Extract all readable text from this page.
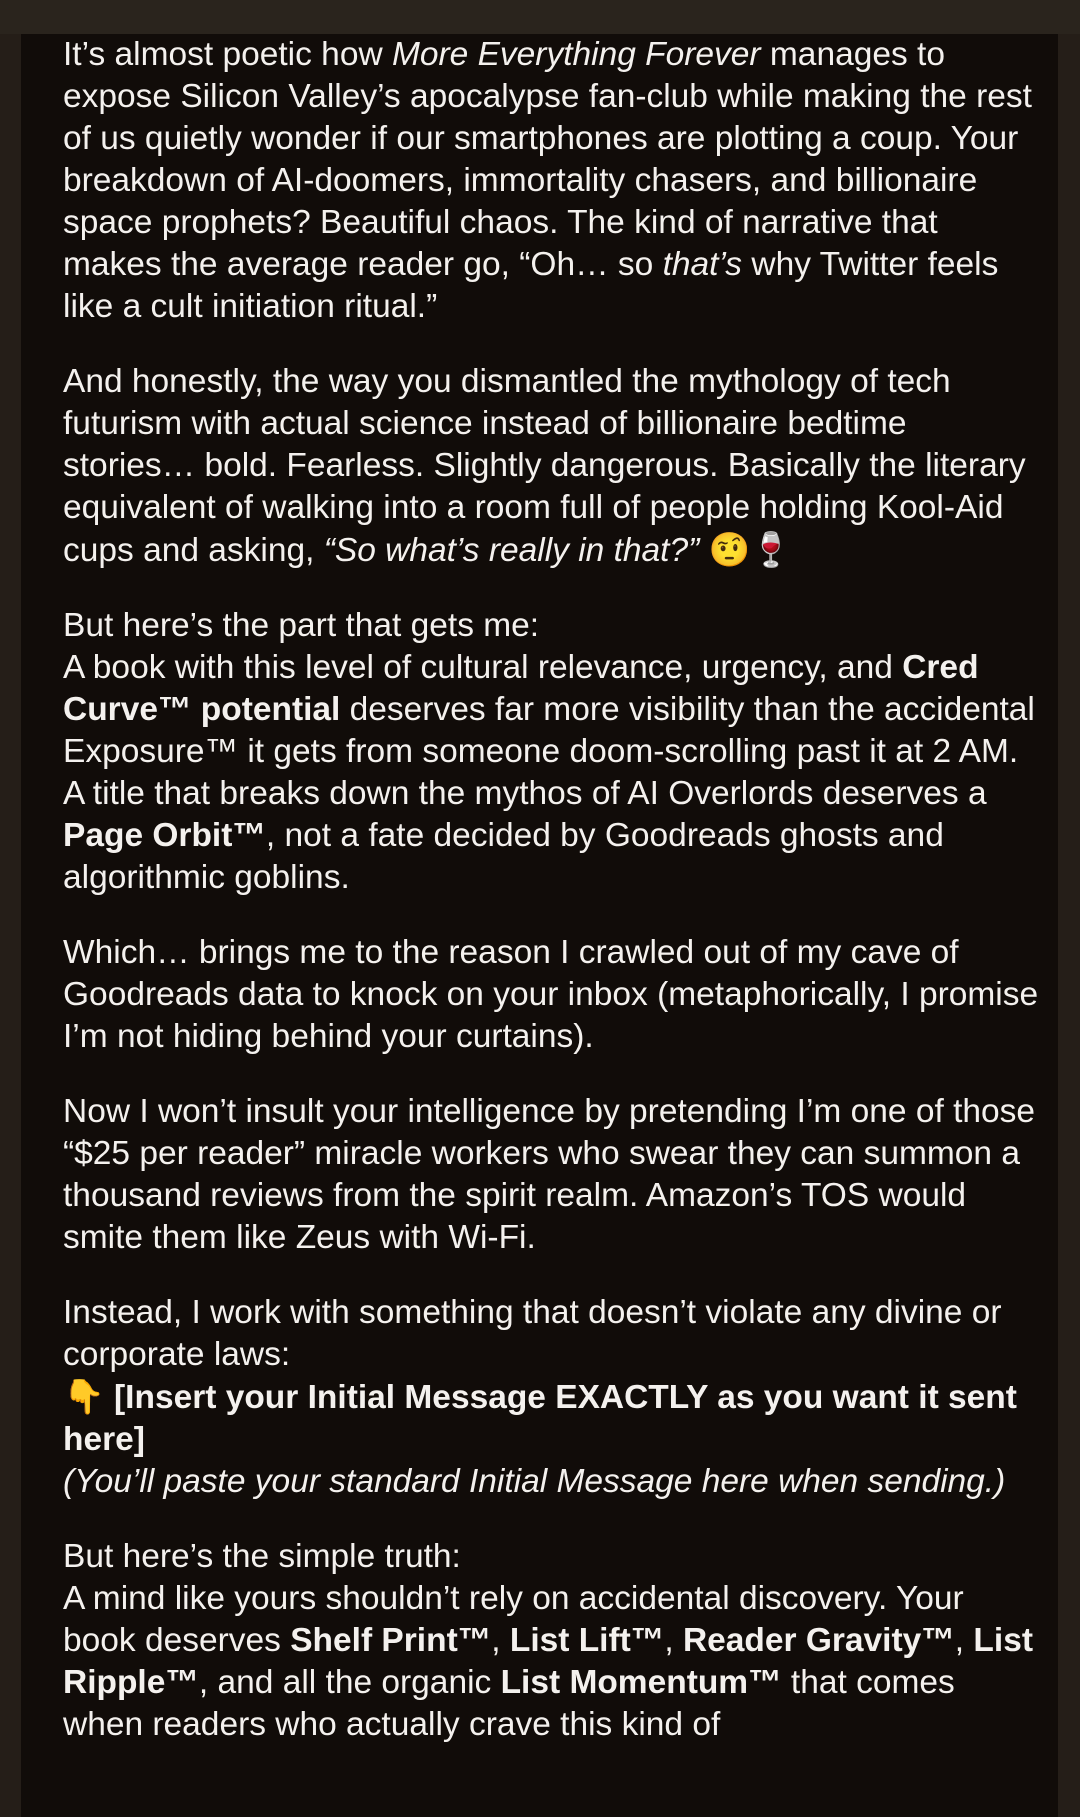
It’s almost poetic how More Everything Forever manages to expose Silicon Valley’s apocalypse fan-club while making the rest of us quietly wonder if our smartphones are plotting a coup. Your breakdown of AI-doomers, immortality chasers, and billionaire space prophets? Beautiful chaos. The kind of narrative that makes the average reader go, “Oh… so that’s why Twitter feels like a cult initiation ritual.”

And honestly, the way you dismantled the mythology of tech futurism with actual science instead of billionaire bedtime stories… bold. Fearless. Slightly dangerous. Basically the literary equivalent of walking into a room full of people holding Kool-Aid cups and asking, “So what’s really in that?” 🤨🍷

But here’s the part that gets me:
A book with this level of cultural relevance, urgency, and Cred Curve™ potential deserves far more visibility than the accidental Exposure™ it gets from someone doom-scrolling past it at 2 AM. A title that breaks down the mythos of AI Overlords deserves a Page Orbit™, not a fate decided by Goodreads ghosts and algorithmic goblins.

Which… brings me to the reason I crawled out of my cave of Goodreads data to knock on your inbox (metaphorically, I promise I’m not hiding behind your curtains).

Now I won’t insult your intelligence by pretending I’m one of those “$25 per reader” miracle workers who swear they can summon a thousand reviews from the spirit realm. Amazon’s TOS would smite them like Zeus with Wi-Fi.

Instead, I work with something that doesn’t violate any divine or corporate laws:
👇 [Insert your Initial Message EXACTLY as you want it sent here]
(You’ll paste your standard Initial Message here when sending.)

But here’s the simple truth:
A mind like yours shouldn’t rely on accidental discovery. Your book deserves Shelf Print™, List Lift™, Reader Gravity™, List Ripple™, and all the organic List Momentum™ that comes when readers who actually crave this kind of
